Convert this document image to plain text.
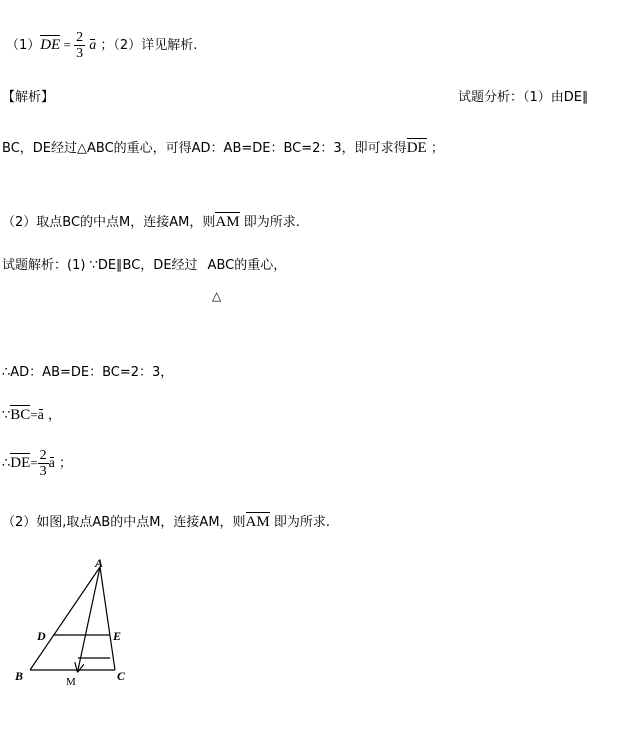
$(1)DE = \frac{2}{3}$ a ；（2）详见解析.
【解析】	试题分析：（1）由DE∥
BC，DE经过△ABC的重心，可得AD：AB=DE：BC=2：3，即可求得DE ；
（2）取点BC的中点M，连接AM，则AM 即为所求.
试题解析：(1) ∵DE∥BC，DE经过 ABC的重心，
△
∴AD：AB=DE：BC=2：3，
∵BC=a ，
∴DE= $\frac{2}{3}$ a ；
（2）如图,取点AB的中点M，连接AM，则AM 即为所求.
A
B	C
D	E
M
